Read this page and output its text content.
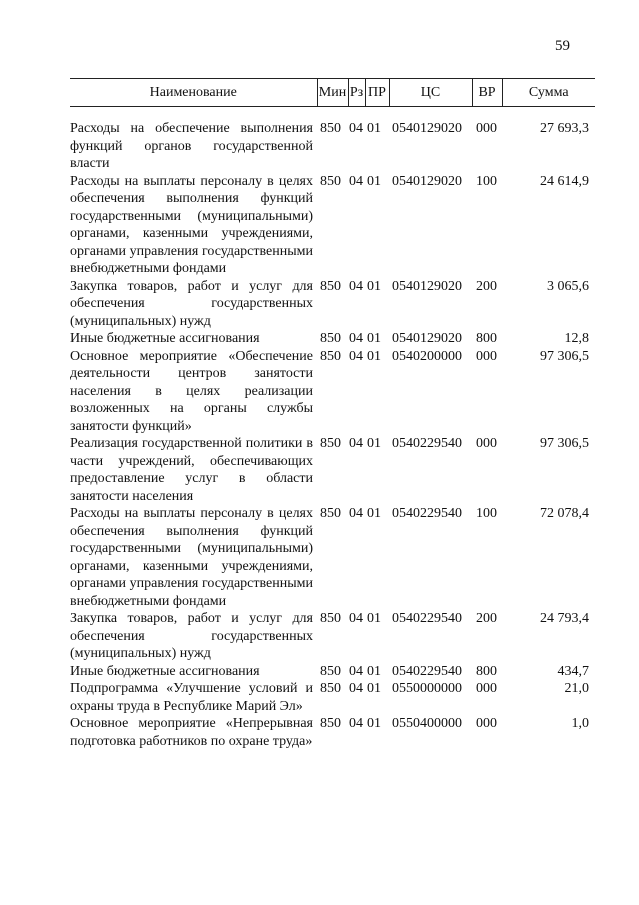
59
Наименование	Мин	Рз	ПР	ЦС	ВР	Сумма

Расходы на обеспечение выполнения функций органов государственной власти	850	04	01	0540129020	000	27 693,3
Расходы на выплаты персоналу в целях обеспечения выполнения функций государственными (муниципальными) органами, казенными учреждениями, органами управления государственными внебюджетными фондами	850	04	01	0540129020	100	24 614,9
Закупка товаров, работ и услуг для обеспечения государственных (муниципальных) нужд	850	04	01	0540129020	200	3 065,6
Иные бюджетные ассигнования	850	04	01	0540129020	800	12,8
Основное мероприятие «Обеспечение деятельности центров занятости населения в целях реализации возложенных на органы службы занятости функций»	850	04	01	0540200000	000	97 306,5
Реализация государственной политики в части учреждений, обеспечивающих предоставление услуг в области занятости населения	850	04	01	0540229540	000	97 306,5
Расходы на выплаты персоналу в целях обеспечения выполнения функций государственными (муниципальными) органами, казенными учреждениями, органами управления государственными внебюджетными фондами	850	04	01	0540229540	100	72 078,4
Закупка товаров, работ и услуг для обеспечения государственных (муниципальных) нужд	850	04	01	0540229540	200	24 793,4
Иные бюджетные ассигнования	850	04	01	0540229540	800	434,7
Подпрограмма «Улучшение условий и охраны труда в Республике Марий Эл»	850	04	01	0550000000	000	21,0
Основное мероприятие «Непрерывная подготовка работников по охране труда»	850	04	01	0550400000	000	1,0
